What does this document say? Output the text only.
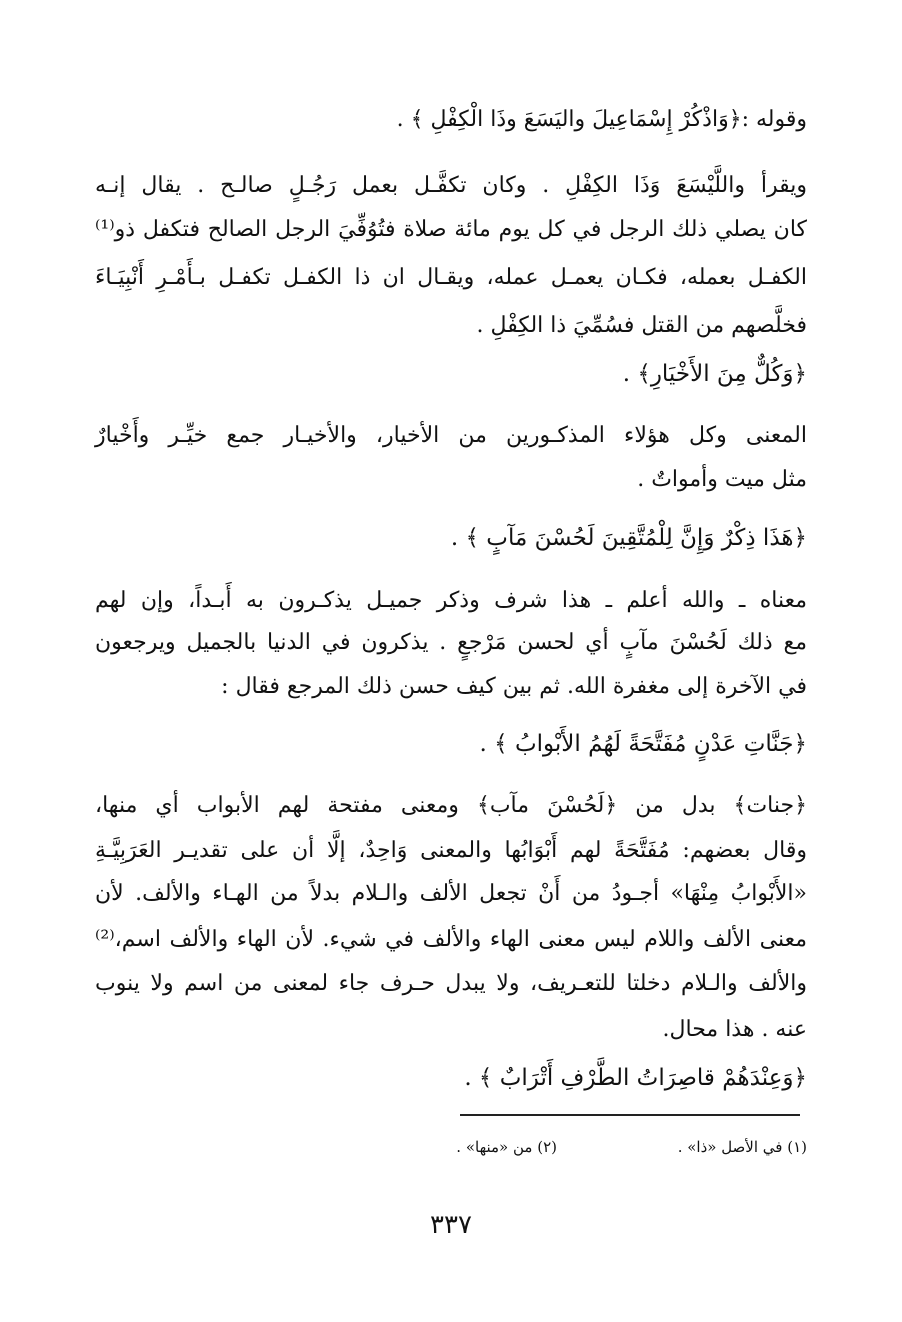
وقوله :﴿وَاذْكُرْ إِسْمَاعِيلَ واليَسَعَ وذَا الْكِفْلِ ﴾ .
ويقرأ واللَّيْسَعَ وَذَا الكِفْلِ . وكان تكفَّـل بعمل رَجُـلٍ صالـح . يقال إنـه
كان يصلي ذلك الرجل في كل يوم مائة صلاة فتُوُفِّيَ الرجل الصالح فتكفل ذو⁽¹⁾
الكفـل بعمله، فكـان يعمـل عمله، ويقـال ان ذا الكفـل تكفـل بـأَمْـرِ أَنْبِيَـاءَ
فخلَّصهم من القتل فسُمِّيَ ذا الكِفْلِ .
﴿وَكُلٌّ مِنَ الأَخْيَارِ﴾ .
المعنى وكل هؤلاء المذكـورين من الأخيار، والأخيـار جمع خيِّـر وأَخْيارٌ
مثل ميت وأمواتٌ .
﴿هَذَا ذِكْرٌ وَإِنَّ لِلْمُتَّقِينَ لَحُسْنَ مَآبٍ ﴾ .
معناه ـ والله أعلم ـ هذا شرف وذكر جميـل يذكـرون به أَبـداً، وإن لهم
مع ذلك لَحُسْنَ مآبٍ أي لحسن مَرْجعٍ . يذكرون في الدنيا بالجميل ويرجعون
في الآخرة إلى مغفرة الله. ثم بين كيف حسن ذلك المرجع فقال :
﴿جَنَّاتِ عَدْنٍ مُفَتَّحَةً لَهُمُ الأَبْوابُ ﴾ .
﴿جنات﴾ بدل من ﴿لَحُسْنَ مآب﴾ ومعنى مفتحة لهم الأبواب أي منها،
وقال بعضهم: مُفَتَّحَةً لهم أَبْوَابُها والمعنى وَاحِدٌ، إلَّا أن على تقديـر العَرَبِيَّـةِ
«الأَبْوابُ مِنْهَا» أجـودُ من أَنْ تجعل الألف والـلام بدلاً من الهـاء والألف. لأن
معنى الألف واللام ليس معنى الهاء والألف في شيء. لأن الهاء والألف اسم،⁽²⁾
والألف والـلام دخلتا للتعـريف، ولا يبدل حـرف جاء لمعنى من اسم ولا ينوب
عنه . هذا محال.
﴿وَعِنْدَهُمْ قاصِرَاتُ الطَّرْفِ أَتْرَابٌ ﴾ .
(١) في الأصل «ذا» .
(٢) من «منها» .
٣٣٧
